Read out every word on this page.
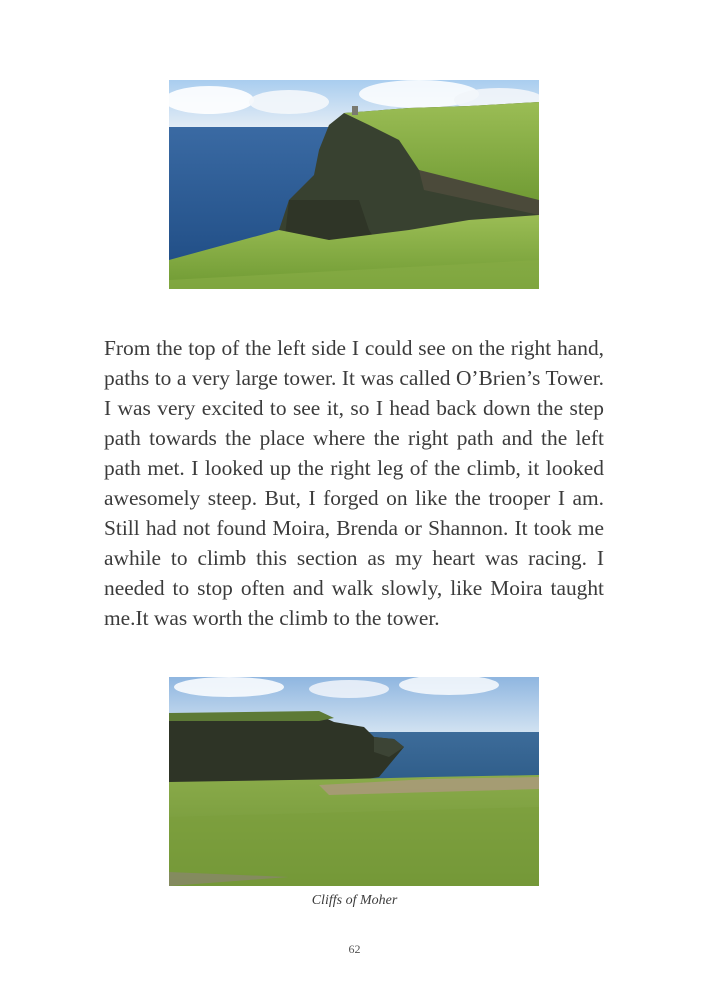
From the top of the left side I could see on the right hand, paths to a very large tower. It was called O’Brien’s Tower. I was very excited to see it, so I head back down the step path towards the place where the right path and the left path met. I looked up the right leg of the climb, it looked awesomely steep. But, I forged on like the trooper I am. Still had not found Moira, Brenda or Shannon. It took me awhile to climb this section as my heart was racing. I needed to stop often and walk slowly, like Moira taught me.It was worth the climb to the tower.

Cliffs of Moher
62
